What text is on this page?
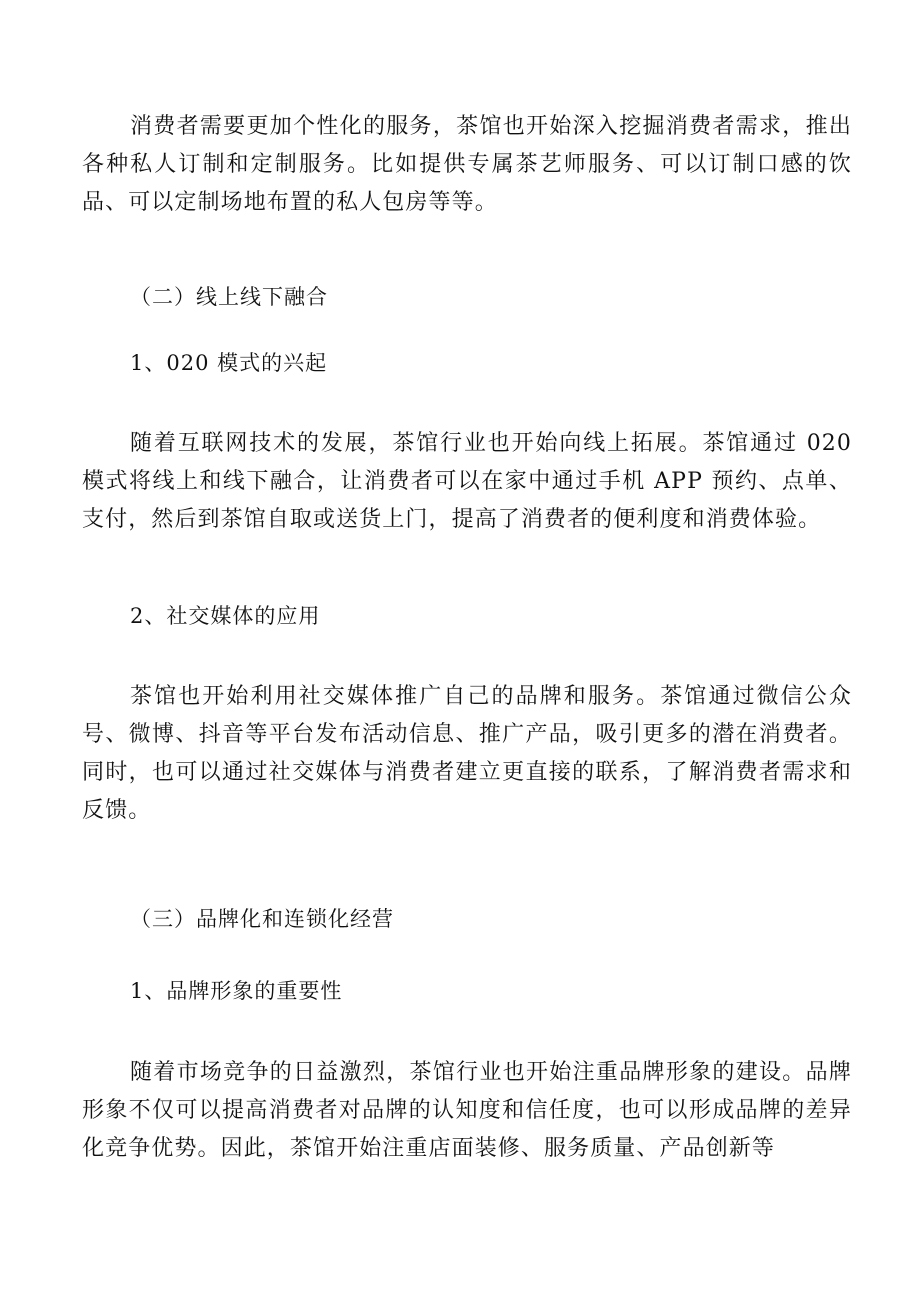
消费者需要更加个性化的服务，茶馆也开始深入挖掘消费者需求，推出各种私人订制和定制服务。比如提供专属茶艺师服务、可以订制口感的饮品、可以定制场地布置的私人包房等等。

（二）线上线下融合
1、020 模式的兴起

随着互联网技术的发展，茶馆行业也开始向线上拓展。茶馆通过 020 模式将线上和线下融合，让消费者可以在家中通过手机 APP 预约、点单、支付，然后到茶馆自取或送货上门，提高了消费者的便利度和消费体验。

2、社交媒体的应用

茶馆也开始利用社交媒体推广自己的品牌和服务。茶馆通过微信公众号、微博、抖音等平台发布活动信息、推广产品，吸引更多的潜在消费者。同时，也可以通过社交媒体与消费者建立更直接的联系，了解消费者需求和反馈。

（三）品牌化和连锁化经营
1、品牌形象的重要性

随着市场竞争的日益激烈，茶馆行业也开始注重品牌形象的建设。品牌形象不仅可以提高消费者对品牌的认知度和信任度，也可以形成品牌的差异化竞争优势。因此，茶馆开始注重店面装修、服务质量、产品创新等
